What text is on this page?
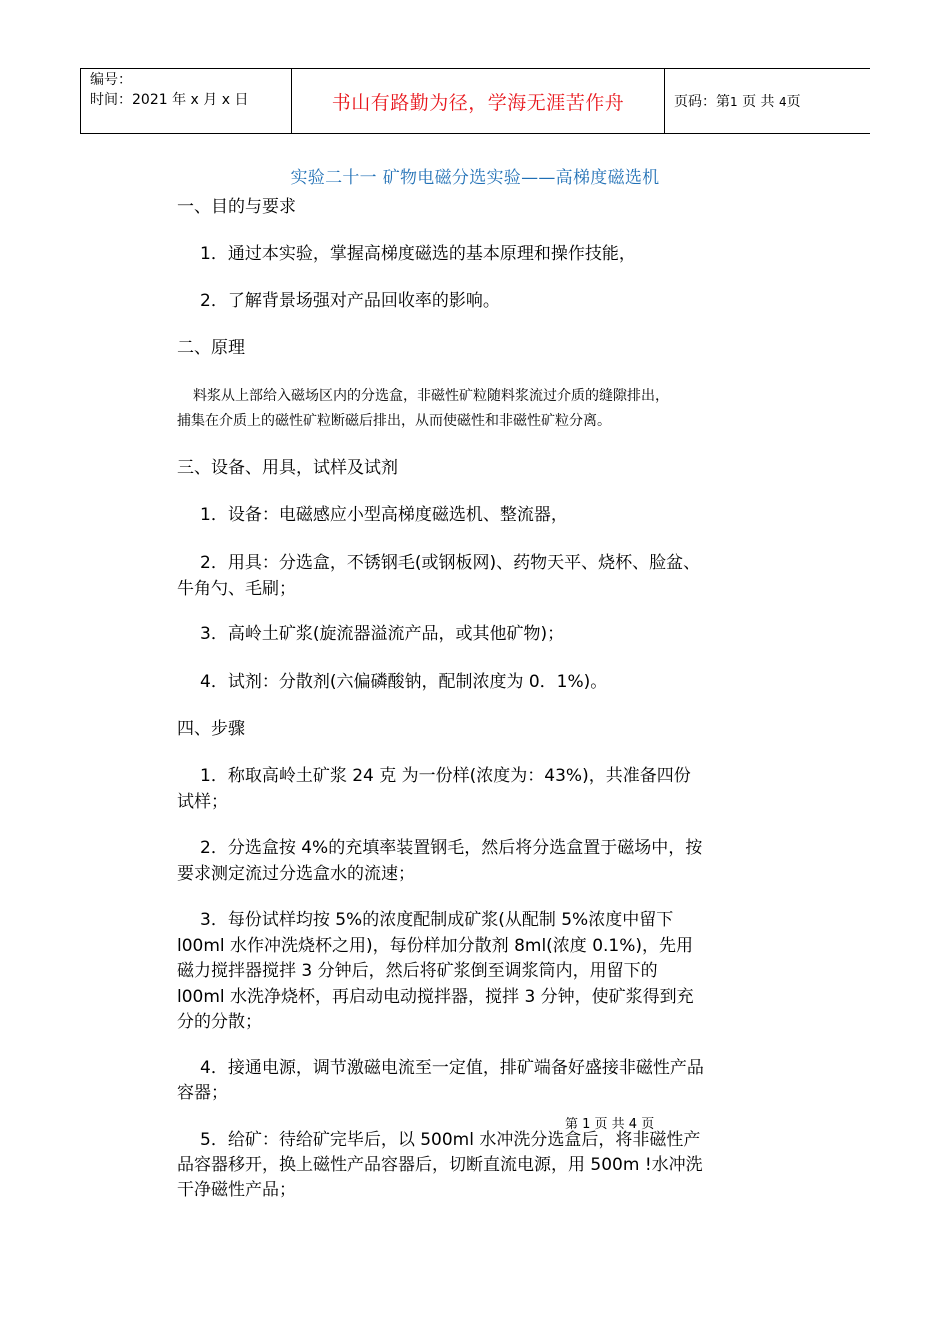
编号：
时间：2021 年 x 月 x 日	书山有路勤为径，学海无涯苦作舟	页码：第1 页 共 4页
实验二十一 矿物电磁分选实验——高梯度磁选机
一、目的与要求
1．通过本实验，掌握高梯度磁选的基本原理和操作技能，
2．了解背景场强对产品回收率的影响。
二、原理
料浆从上部给入磁场区内的分选盒，非磁性矿粒随料浆流过介质的缝隙排出，
捕集在介质上的磁性矿粒断磁后排出，从而使磁性和非磁性矿粒分离。
三、设备、用具，试样及试剂
1．设备：电磁感应小型高梯度磁选机、整流器，
2．用具：分选盒，不锈钢毛(或钢板网)、药物天平、烧杯、脸盆、
牛角勺、毛刷；
3．高岭土矿浆(旋流器溢流产品，或其他矿物)；
4．试剂：分散剂(六偏磷酸钠，配制浓度为 0．1%)。
四、步骤
1．称取高岭土矿浆 24 克 为一份样(浓度为：43%)，共准备四份
试样；
2．分选盒按 4%的充填率装置钢毛，然后将分选盒置于磁场中，按
要求测定流过分选盒水的流速；
3．每份试样均按 5%的浓度配制成矿浆(从配制 5%浓度中留下
l00ml 水作冲洗烧杯之用)，每份样加分散剂 8ml(浓度 0.1%)，先用
磁力搅拌器搅拌 3 分钟后，然后将矿浆倒至调浆筒内，用留下的
l00ml 水洗净烧杯，再启动电动搅拌器，搅拌 3 分钟，使矿浆得到充
分的分散；
4．接通电源，调节激磁电流至一定值，排矿端备好盛接非磁性产品
容器；
第 1 页 共 4 页
5．给矿：待给矿完毕后，以 500ml 水冲洗分选盒后，将非磁性产
品容器移开，换上磁性产品容器后，切断直流电源，用 500m !水冲洗
干净磁性产品；
